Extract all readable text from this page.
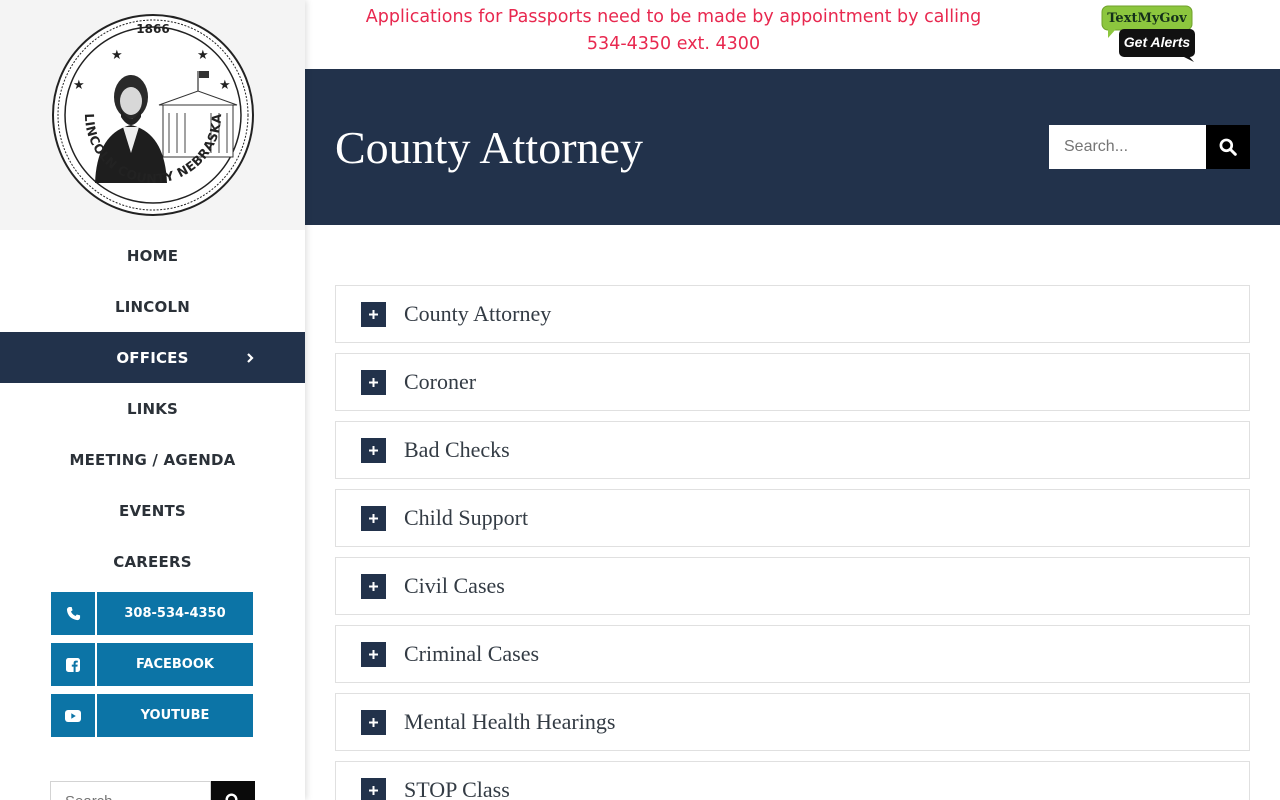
★	★
★	★
LINCOLN COUNTY NEBRASKA
1866
HOME
LINCOLN
OFFICES
LINKS
MEETING / AGENDA
EVENTS
CAREERS
308-534-4350
FACEBOOK
YOUTUBE
Search...
Applications for Passports need to be made by appointment by calling
534-4350 ext. 4300
TextMyGov
Get Alerts
County Attorney
Search...
County Attorney
Coroner
Bad Checks
Child Support
Civil Cases
Criminal Cases
Mental Health Hearings
STOP Class
